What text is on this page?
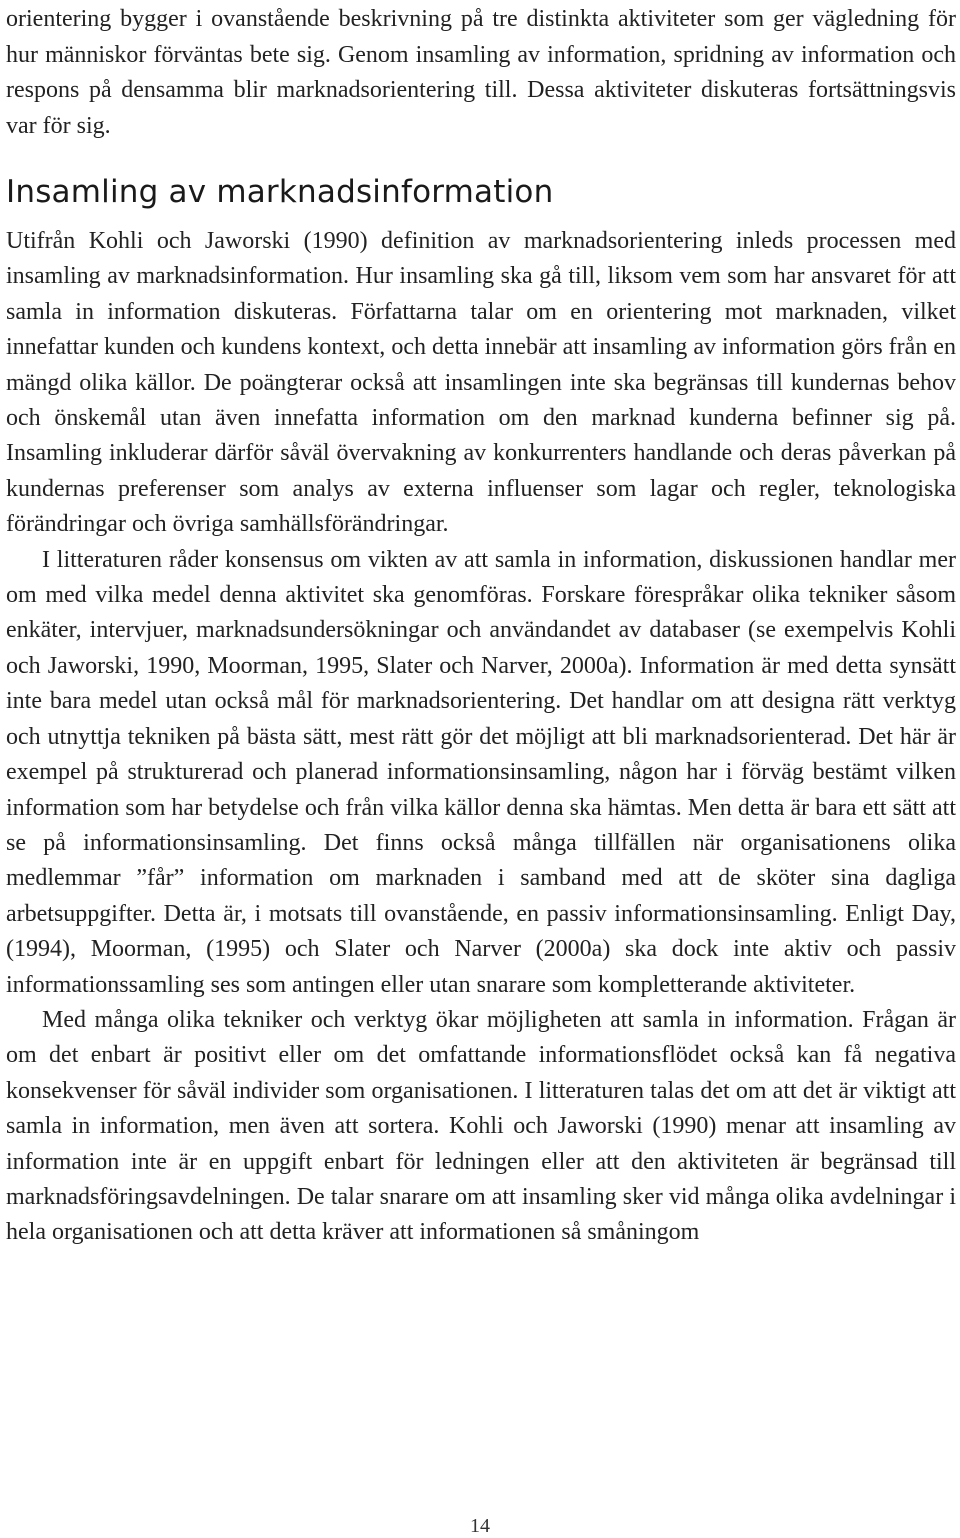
orientering bygger i ovanstående beskrivning på tre distinkta aktiviteter som ger vägledning för hur människor förväntas bete sig. Genom insamling av information, spridning av information och respons på densamma blir marknadsorientering till. Dessa aktiviteter diskuteras fortsättningsvis var för sig.

Insamling av marknadsinformation

Utifrån Kohli och Jaworski (1990) definition av marknadsorientering inleds processen med insamling av marknadsinformation. Hur insamling ska gå till, liksom vem som har ansvaret för att samla in information diskuteras. Författarna talar om en orientering mot marknaden, vilket innefattar kunden och kundens kontext, och detta innebär att insamling av information görs från en mängd olika källor. De poängterar också att insamlingen inte ska begränsas till kundernas behov och önskemål utan även innefatta information om den marknad kunderna befinner sig på. Insamling inkluderar därför såväl övervakning av konkurrenters handlande och deras påverkan på kundernas preferenser som analys av externa influenser som lagar och regler, teknologiska förändringar och övriga samhällsförändringar.

I litteraturen råder konsensus om vikten av att samla in information, diskussionen handlar mer om med vilka medel denna aktivitet ska genomföras. Forskare förespråkar olika tekniker såsom enkäter, intervjuer, marknadsundersökningar och användandet av databaser (se exempelvis Kohli och Jaworski, 1990, Moorman, 1995, Slater och Narver, 2000a). Information är med detta synsätt inte bara medel utan också mål för marknadsorientering. Det handlar om att designa rätt verktyg och utnyttja tekniken på bästa sätt, mest rätt gör det möjligt att bli marknadsorienterad. Det här är exempel på strukturerad och planerad informationsinsamling, någon har i förväg bestämt vilken information som har betydelse och från vilka källor denna ska hämtas. Men detta är bara ett sätt att se på informationsinsamling. Det finns också många tillfällen när organisationens olika medlemmar ”får” information om marknaden i samband med att de sköter sina dagliga arbetsuppgifter. Detta är, i motsats till ovanstående, en passiv informationsinsamling. Enligt Day, (1994), Moorman, (1995) och Slater och Narver (2000a) ska dock inte aktiv och passiv informationssamling ses som antingen eller utan snarare som kompletterande aktiviteter.

Med många olika tekniker och verktyg ökar möjligheten att samla in information. Frågan är om det enbart är positivt eller om det omfattande informationsflödet också kan få negativa konsekvenser för såväl individer som organisationen. I litteraturen talas det om att det är viktigt att samla in information, men även att sortera. Kohli och Jaworski (1990) menar att insamling av information inte är en uppgift enbart för ledningen eller att den aktiviteten är begränsad till marknadsföringsavdelningen. De talar snarare om att insamling sker vid många olika avdelningar i hela organisationen och att detta kräver att informationen så småningom

14
